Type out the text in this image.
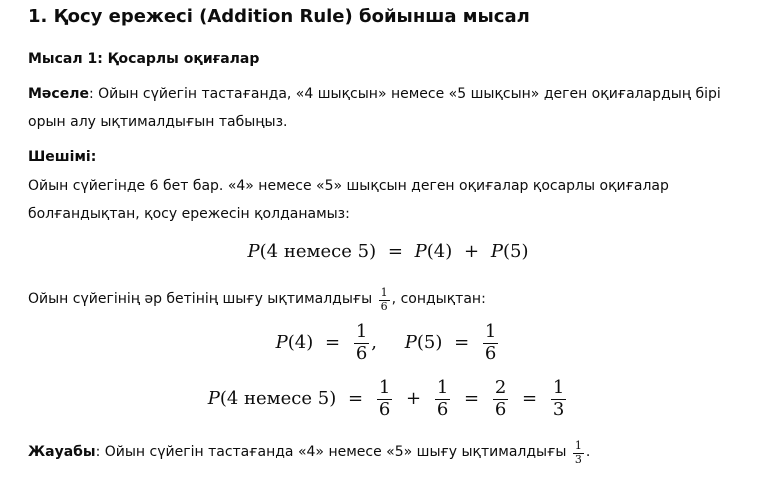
1. Қосу ережесі (Addition Rule) бойынша мысал
Мысал 1: Қосарлы оқиғалар
Мәселе: Ойын сүйегін тастағанда, «4 шықсын» немесе «5 шықсын» деген оқиғалардың бірі
орын алу ықтималдығын табыңыз.
Шешімі:
Ойын сүйегінде 6 бет бар. «4» немесе «5» шықсын деген оқиғалар қосарлы оқиғалар
болғандықтан, қосу ережесін қолданамыз:
P(4 немесе 5) = P(4) + P(5)
Ойын сүйегінің әр бетінің шығу ықтималдығы $\frac{1}{6}$ , сондықтан:
$P(4) = \frac{1}{6}$ , $P(5) = \frac{1}{6}$
P(4 немесе $5) = \frac{1}{6} + \frac{1}{6} = \frac{2}{6} = \frac{1}{3}$
Жауабы: Ойын сүйегін тастағанда «4» немесе «5» шығу ықтималдығы $\frac{1}{3}$ .
